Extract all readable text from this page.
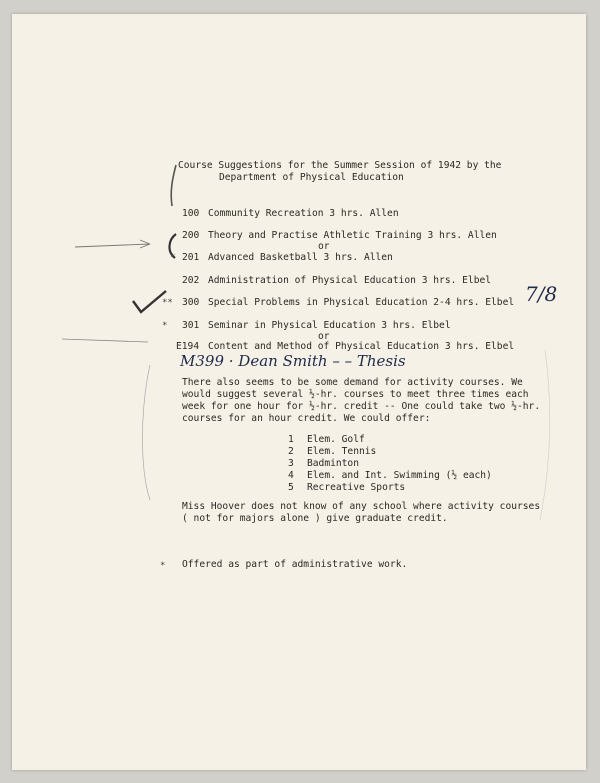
Course Suggestions for the Summer Session of 1942 by the
Department of Physical Education
100 Community Recreation 3 hrs. Allen
200 Theory and Practise Athletic Training 3 hrs. Allen
or
* 201 Advanced Basketball 3 hrs. Allen
202 Administration of Physical Education 3 hrs. Elbel
** 300 Special Problems in Physical Education 2-4 hrs. Elbel
* 301 Seminar in Physical Education 3 hrs. Elbel
E194 Content and Method of Physical Education 3 hrs. Elbel
or
M399 · Dean Smith – – Thesis
7/8
There also seems to be some demand for activity courses. We
would suggest several ½-hr. courses to meet three times each
week for one hour for ½-hr. credit -- One could take two ½-hr.
courses for an hour credit. We could offer:
1 Elem. Golf
2 Elem. Tennis
3 Badminton
4 Elem. and Int. Swimming (½ each)
5 Recreative Sports
Miss Hoover does not know of any school where activity courses
( not for majors alone ) give graduate credit.
* Offered as part of administrative work.
